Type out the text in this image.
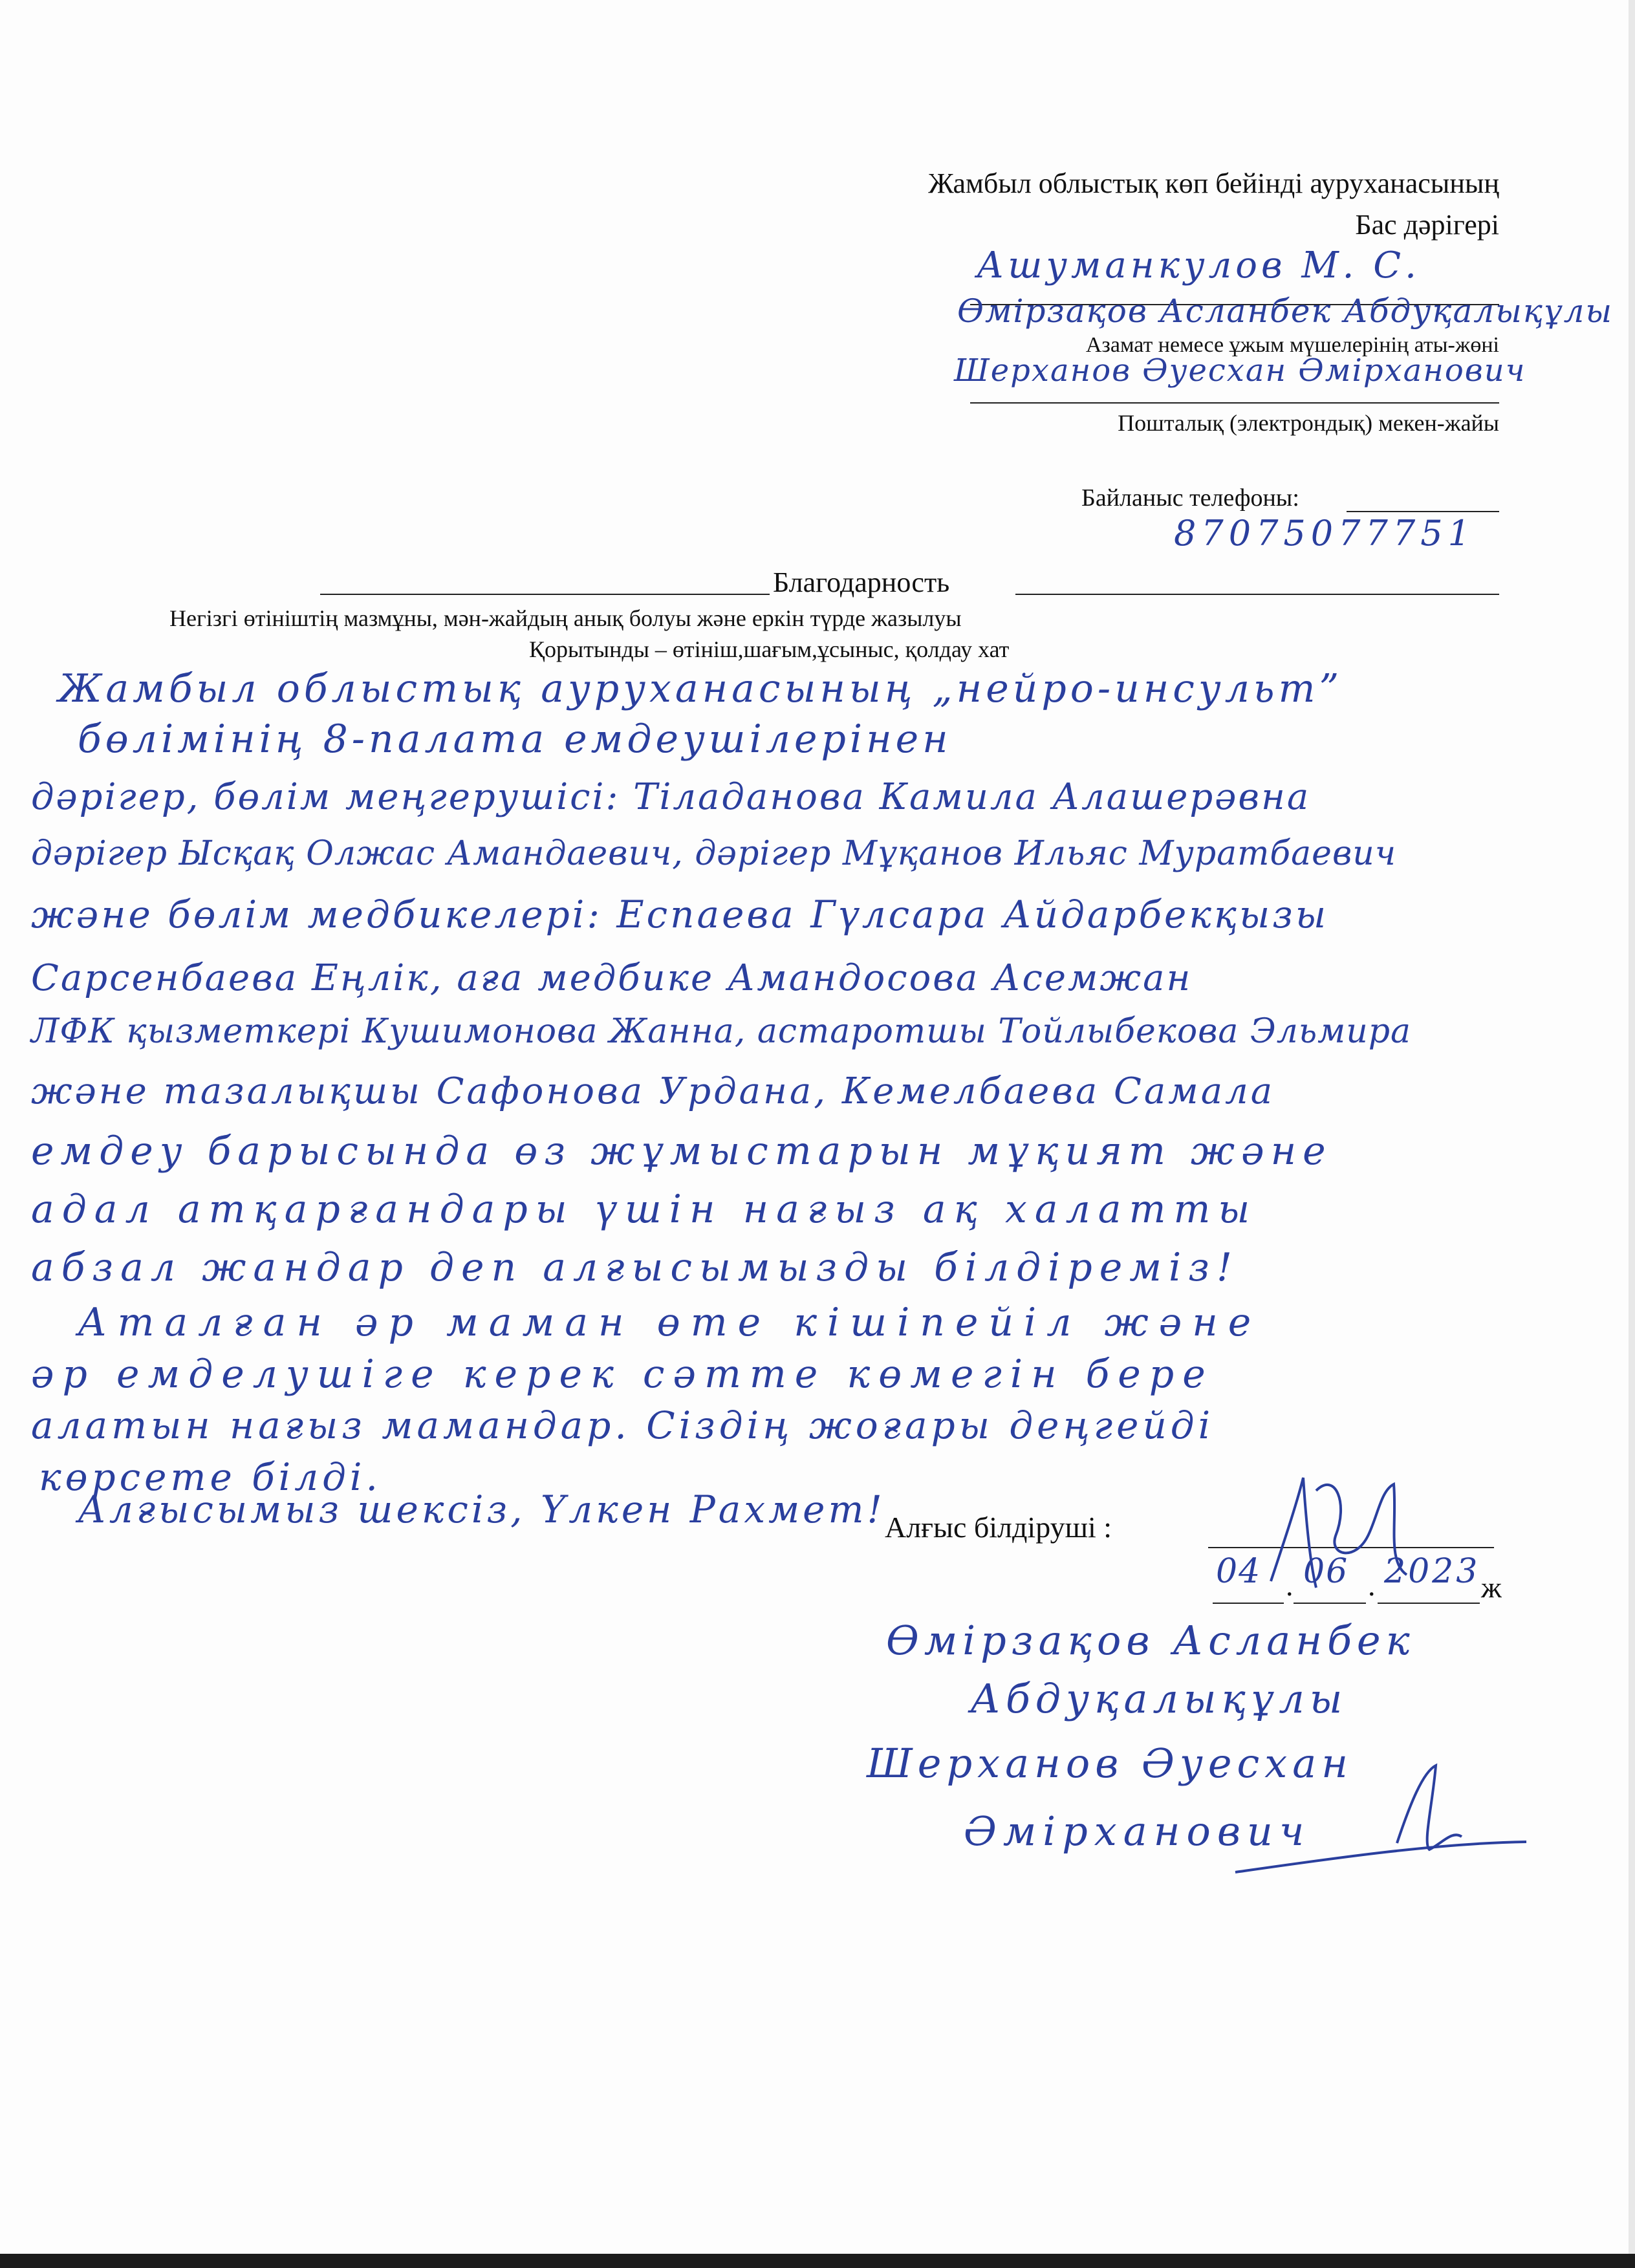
Жамбыл облыстық көп бейінді ауруханасының
Бас дәрігері
Ашуманкулов М. С.
Өмірзақов Асланбек Абдуқалықұлы
Азамат немесе ұжым мүшелерінің аты-жөні
Шерханов Әуесхан Әмірханович
Пошталық (электрондық) мекен-жайы
Байланыс телефоны:
87075077751
Благодарность
Негізгі өтініштің мазмұны, мән-жайдың анық болуы және еркін түрде жазылуы
Қорытынды – өтініш,шағым,ұсыныс, қолдау хат
Жамбыл облыстық ауруханасының „нейро-инсульт”
бөлімінің 8-палата емдеушілерінен
дәрігер, бөлім меңгерушісі: Тіладанова Камила Алашерәвна
дәрігер Ысқақ Олжас Амандаевич, дәрігер Мұқанов Ильяс Муратбаевич
және бөлім медбикелері: Еспаева Гүлсара Айдарбекқызы
Сарсенбаева Еңлік, аға медбике Амандосова Асемжан
ЛФК қызметкері Кушимонова Жанна, астаротшы Тойлыбекова Эльмира
және тазалықшы Сафонова Урдана, Кемелбаева Самала
емдеу барысында өз жұмыстарын мұқият және
адал атқарғандары үшін нағыз ақ халатты
абзал жандар деп алғысымызды білдіреміз!
Аталған әр маман өте кішіпейіл және
әр емделушіге керек сәтте көмегін бере
алатын нағыз мамандар. Сіздің жоғары деңгейді
көрсете білді.
Алғысымыз шексіз, Үлкен Рахмет! Алғыс білдіруші :
04 . 06 . 2023 ж
Өмірзақов Асланбек
Абдуқалықұлы
Шерханов Әуесхан
Әмірханович
